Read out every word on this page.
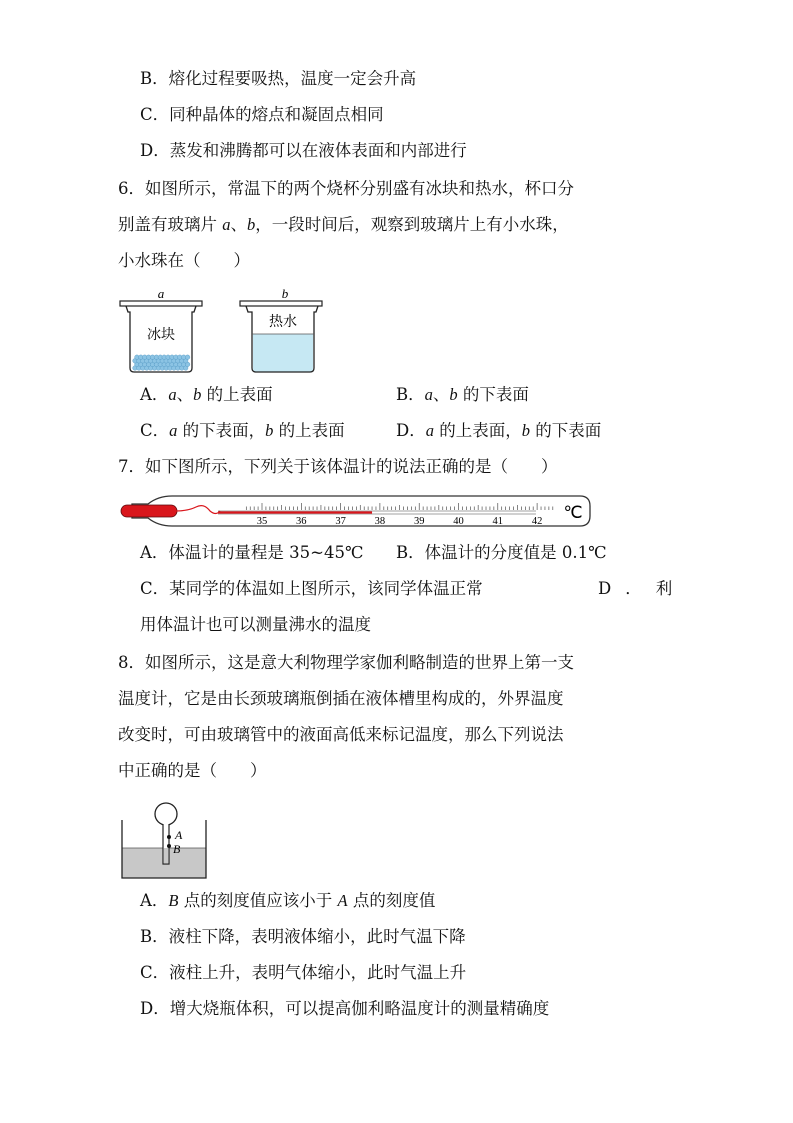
B．熔化过程要吸热，温度一定会升高
C．同种晶体的熔点和凝固点相同
D．蒸发和沸腾都可以在液体表面和内部进行
6．如图所示，常温下的两个烧杯分别盛有冰块和热水，杯口分
别盖有玻璃片 a、b，一段时间后，观察到玻璃片上有小水珠，
小水珠在（　　）
a	b
冰块
热水
A．a、b 的上表面	B．a、b 的下表面
C．a 的下表面，b 的上表面	D．a 的上表面，b 的下表面
7．如下图所示，下列关于该体温计的说法正确的是（　　）
35	36	37	38	39	40	41	42 ℃
A．体温计的量程是 35~45℃ B．体温计的分度值是 0.1℃
C．某同学的体温如上图所示，该同学体温正常	D．利
用体温计也可以测量沸水的温度
8．如图所示，这是意大利物理学家伽利略制造的世界上第一支
温度计，它是由长颈玻璃瓶倒插在液体槽里构成的，外界温度
改变时，可由玻璃管中的液面高低来标记温度，那么下列说法
中正确的是（　　）
A
B
A．B 点的刻度值应该小于 A 点的刻度值
B．液柱下降，表明液体缩小，此时气温下降
C．液柱上升，表明气体缩小，此时气温上升
D．增大烧瓶体积，可以提高伽利略温度计的测量精确度
